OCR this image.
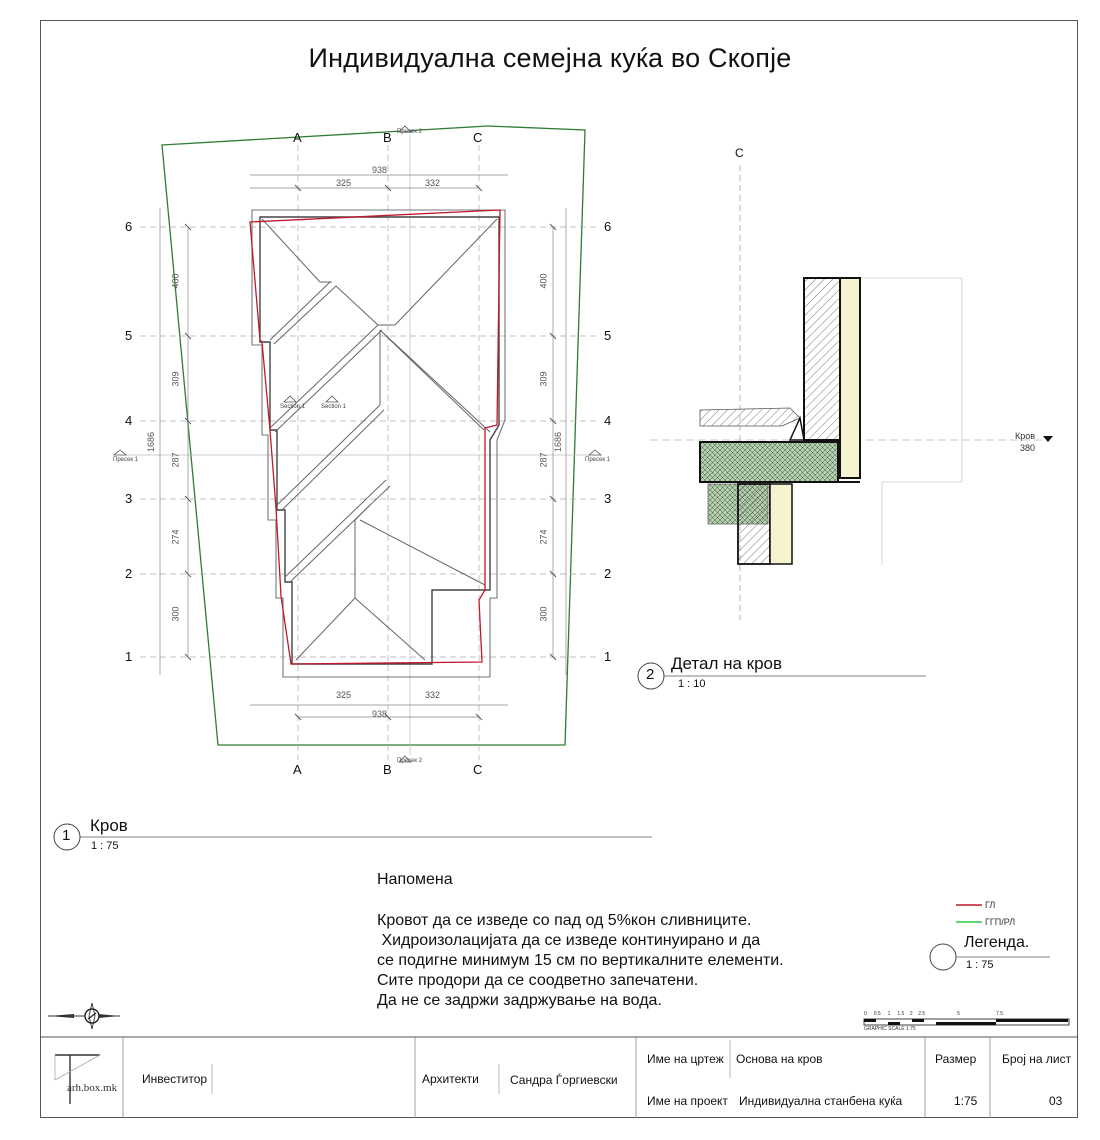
Индивидуална семејна куќа во Скопје
A	B	C
A	B	C
6
5
4
3
2
1
6
5
4
3
2
1
Пресек 2
Пресек 2
Пресек 1	Пресек 1
Section 1	Section 1
938
325	332
325	332
938
400
309
287
274
300
1686
400
309
287
274
300
1686
C
Кров
380
2
Детал на кров
1 : 10
1
Кров
1 : 75
Напомена
Кровот да се изведе со пад од 5%кон сливниците.
Хидроизолацијата да се изведе континуирано и да
се подигне минимум 15 см по вертикалните елементи.
Сите продори да се соодветно запечатени.
Да не се задржи задржување на вода.
ГЛ
ГГП/РЛ
Легенда.
1 : 75
0 0.5 1 1.5 2 2.5	5	7.5
GRAPHIC SCALE 1:75
arh.box.mk
Инвеститор	Архитекти	Сандра Ѓоргиевски
Име на цртеж Основа на кров
Име на проект Индивидуална станбена куќа
Размер
1:75
Број на лист
03
